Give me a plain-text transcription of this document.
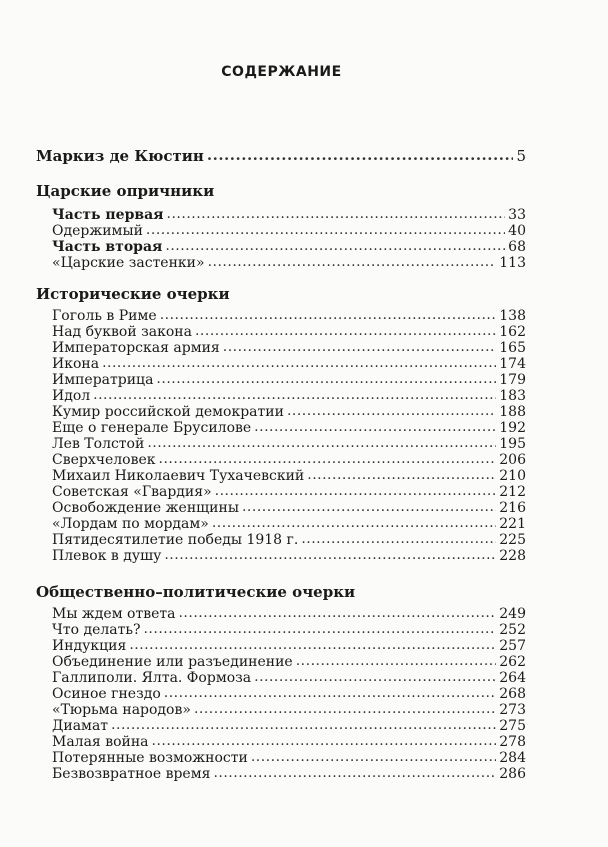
СОДЕРЖАНИЕ
Маркиз де Кюстин .....	5
Царские опричники
Часть первая .....	33
Одержимый .....	40
Часть вторая .....	68
«Царские застенки» .....	113
Исторические очерки
Гоголь в Риме .....	138
Над буквой закона .....	162
Императорская армия .....	165
Икона .....	174
Императрица .....	179
Идол .....	183
Кумир российской демократии .....	188
Еще о генерале Брусилове .....	192
Лев Толстой .....	195
Сверхчеловек .....	206
Михаил Николаевич Тухачевский .....	210
Советская «Гвардия» .....	212
Освобождение женщины .....	216
«Лордам по мордам» .....	221
Пятидесятилетие победы 1918 г. .....	225
Плевок в душу .....	228
Общественно–политические очерки
Мы ждем ответа .....	249
Что делать? .....	252
Индукция .....	257
Объединение или разъединение .....	262
Галлиполи. Ялта. Формоза .....	264
Осиное гнездо .....	268
«Тюрьма народов» .....	273
Диамат .....	275
Малая война .....	278
Потерянные возможности .....	284
Безвозвратное время .....	286
